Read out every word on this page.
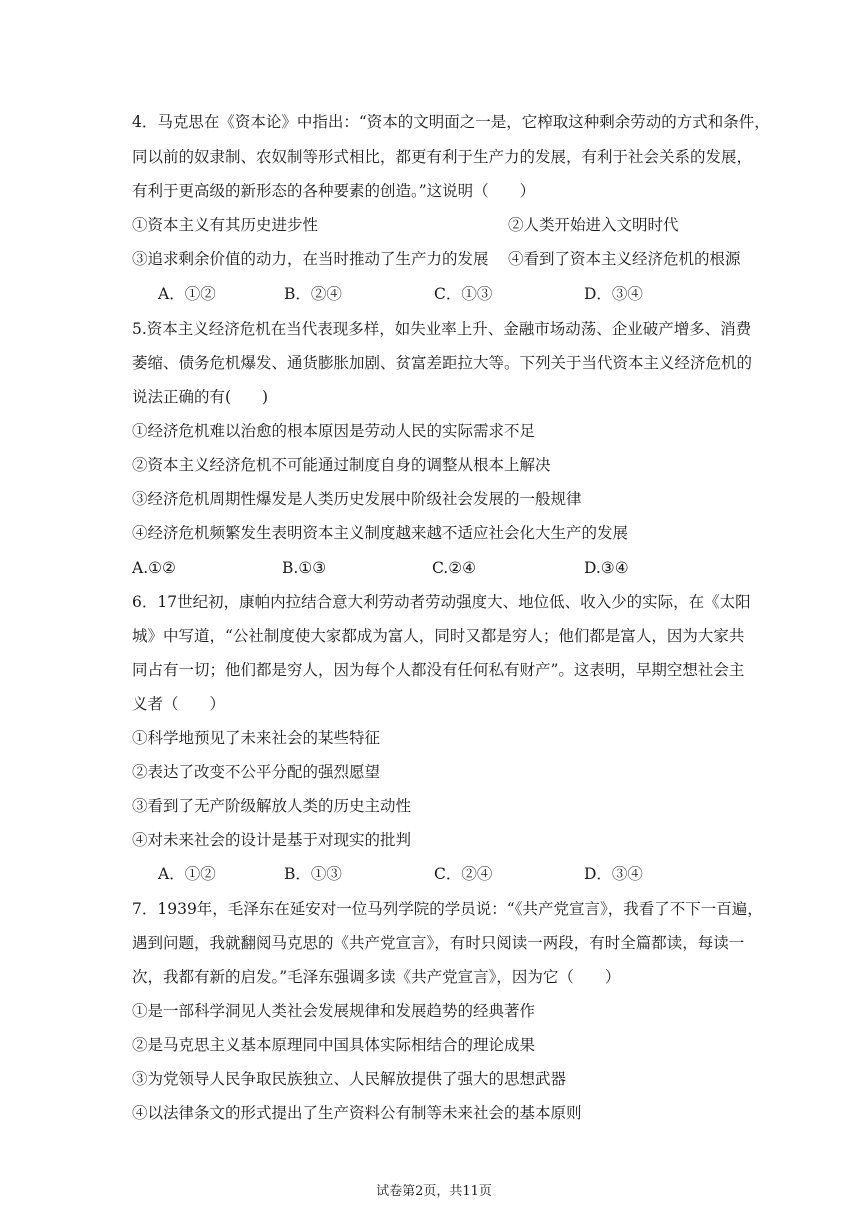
4．马克思在《资本论》中指出：“资本的文明面之一是，它榨取这种剩余劳动的方式和条件，
同以前的奴隶制、农奴制等形式相比，都更有利于生产力的发展，有利于社会关系的发展，
有利于更高级的新形态的各种要素的创造。”这说明（　　）
①资本主义有其历史进步性	②人类开始进入文明时代
③追求剩余价值的动力，在当时推动了生产力的发展 ④看到了资本主义经济危机的根源
A．①②	B．②④	C．①③	D．③④
5.资本主义经济危机在当代表现多样，如失业率上升、金融市场动荡、企业破产增多、消费
萎缩、债务危机爆发、通货膨胀加剧、贫富差距拉大等。下列关于当代资本主义经济危机的
说法正确的有(　　)
①经济危机难以治愈的根本原因是劳动人民的实际需求不足
②资本主义经济危机不可能通过制度自身的调整从根本上解决
③经济危机周期性爆发是人类历史发展中阶级社会发展的一般规律
④经济危机频繁发生表明资本主义制度越来越不适应社会化大生产的发展
A.①②	B.①③	C.②④	D.③④
6．17世纪初，康帕内拉结合意大利劳动者劳动强度大、地位低、收入少的实际，在《太阳
城》中写道，“公社制度使大家都成为富人，同时又都是穷人；他们都是富人，因为大家共
同占有一切；他们都是穷人，因为每个人都没有任何私有财产”。这表明，早期空想社会主
义者（　　）
①科学地预见了未来社会的某些特征
②表达了改变不公平分配的强烈愿望
③看到了无产阶级解放人类的历史主动性
④对未来社会的设计是基于对现实的批判
A．①②	B．①③	C．②④	D．③④
7．1939年，毛泽东在延安对一位马列学院的学员说：“《共产党宣言》，我看了不下一百遍，
遇到问题，我就翻阅马克思的《共产党宣言》，有时只阅读一两段，有时全篇都读，每读一
次，我都有新的启发。”毛泽东强调多读《共产党宣言》，因为它（　　）
①是一部科学洞见人类社会发展规律和发展趋势的经典著作
②是马克思主义基本原理同中国具体实际相结合的理论成果
③为党领导人民争取民族独立、人民解放提供了强大的思想武器
④以法律条文的形式提出了生产资料公有制等未来社会的基本原则
试卷第2页，共11页
